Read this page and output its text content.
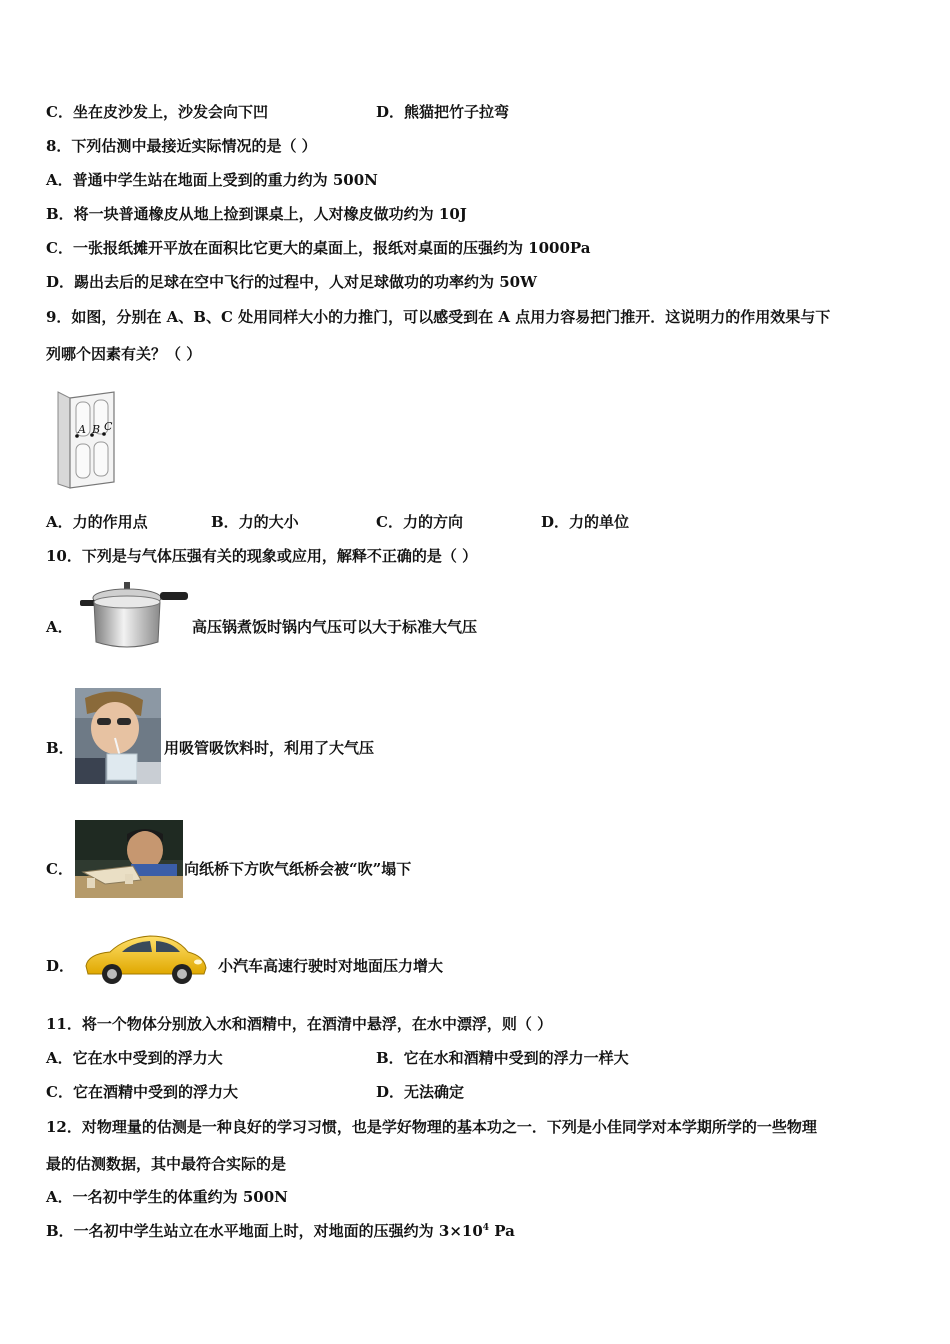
C．坐在皮沙发上，沙发会向下凹	D．熊猫把竹子拉弯
8．下列估测中最接近实际情况的是（ ）
A．普通中学生站在地面上受到的重力约为 500N
B．将一块普通橡皮从地上捡到课桌上，人对橡皮做功约为 10J
C．一张报纸摊开平放在面积比它更大的桌面上，报纸对桌面的压强约为 1000Pa
D．踢出去后的足球在空中飞行的过程中，人对足球做功的功率约为 50W
9．如图，分别在 A、B、C 处用同样大小的力推门，可以感受到在 A 点用力容易把门推开．这说明力的作用效果与下
列哪个因素有关？（ ）
A B C
A．力的作用点	B．力的大小	C．力的方向	D．力的单位
10．下列是与气体压强有关的现象或应用，解释不正确的是（ ）
A．	高压锅煮饭时锅内气压可以大于标准大气压
B．	用吸管吸饮料时，利用了大气压
C．	向纸桥下方吹气纸桥会被“吹”塌下
D．	小汽车高速行驶时对地面压力增大
11．将一个物体分别放入水和酒精中，在酒清中悬浮，在水中漂浮，则（ ）
A．它在水中受到的浮力大	B．它在水和酒精中受到的浮力一样大
C．它在酒精中受到的浮力大	D．无法确定
12．对物理量的估测是一种良好的学习习惯，也是学好物理的基本功之一．下列是小佳同学对本学期所学的一些物理
最的估测数据，其中最符合实际的是
A．一名初中学生的体重约为 500N
B．一名初中学生站立在水平地面上时，对地面的压强约为 $3\times 10^4$ Pa
